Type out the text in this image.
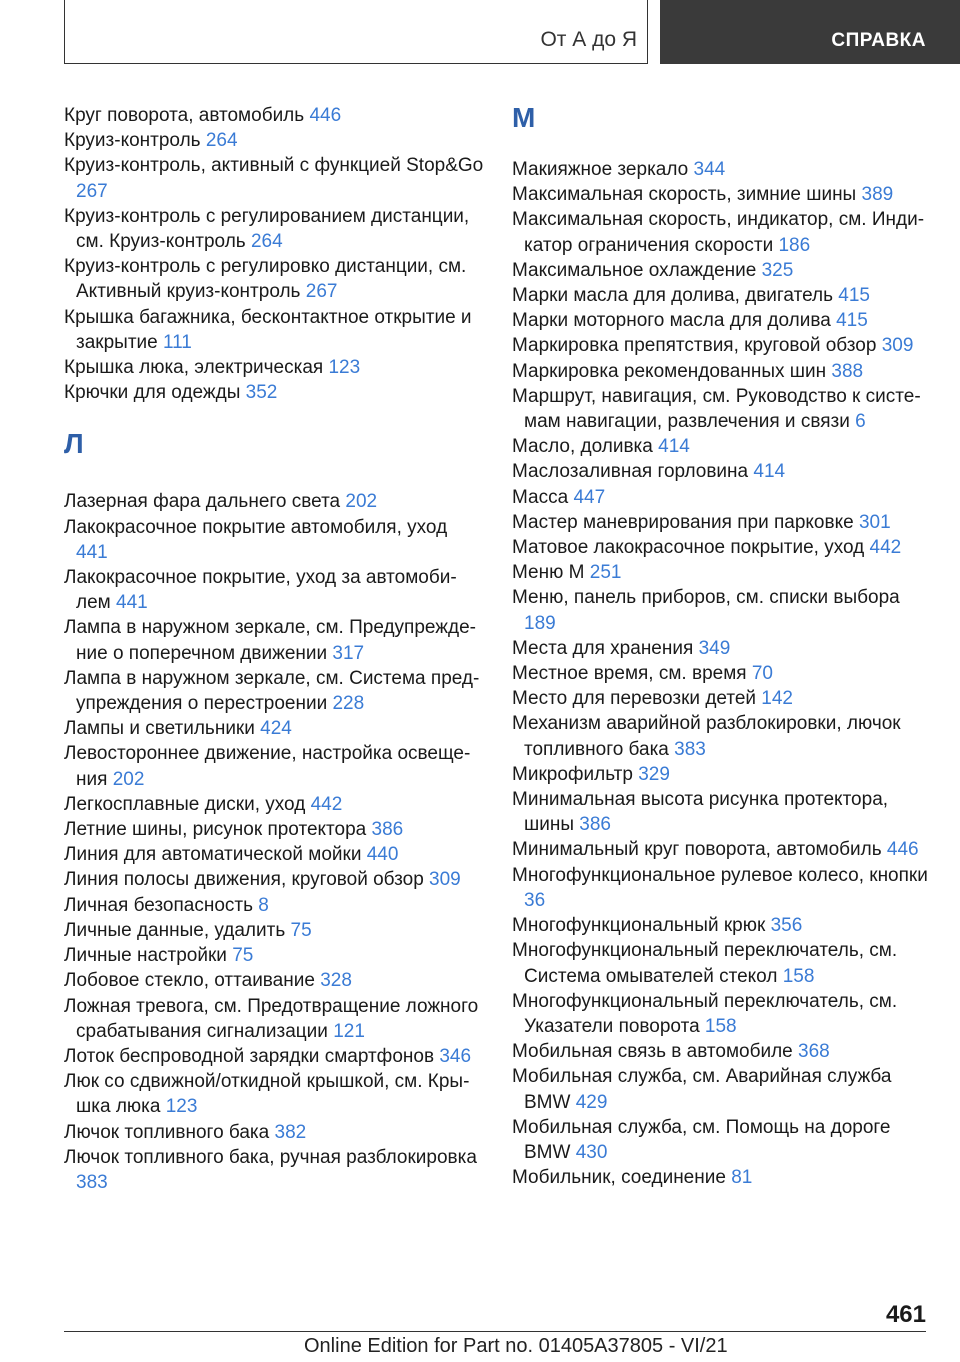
От А до Я	СПРАВКА
Круг поворота, автомобиль 446
Круиз-контроль 264
Круиз-контроль, активный с функцией Stop&Go 267
Круиз-контроль с регулированием дистанции, см. Круиз-контроль 264
Круиз-контроль с регулировко дистанции, см. Активный круиз-контроль 267
Крышка багажника, бесконтактное открытие и закрытие 111
Крышка люка, электрическая 123
Крючки для одежды 352
Л
Лазерная фара дальнего света 202
Лакокрасочное покрытие автомобиля, уход 441
Лакокрасочное покрытие, уход за автомобилем 441
Лампа в наружном зеркале, см. Предупреждение о поперечном движении 317
Лампа в наружном зеркале, см. Система предупреждения о перестроении 228
Лампы и светильники 424
Левостороннее движение, настройка освещения 202
Легкосплавные диски, уход 442
Летние шины, рисунок протектора 386
Линия для автоматической мойки 440
Линия полосы движения, круговой обзор 309
Личная безопасность 8
Личные данные, удалить 75
Личные настройки 75
Лобовое стекло, оттаивание 328
Ложная тревога, см. Предотвращение ложного срабатывания сигнализации 121
Лоток беспроводной зарядки смартфонов 346
Люк со сдвижной/откидной крышкой, см. Крышка люка 123
Лючок топливного бака 382
Лючок топливного бака, ручная разблокировка 383
М
Макияжное зеркало 344
Максимальная скорость, зимние шины 389
Максимальная скорость, индикатор, см. Индикатор ограничения скорости 186
Максимальное охлаждение 325
Марки масла для долива, двигатель 415
Марки моторного масла для долива 415
Маркировка препятствия, круговой обзор 309
Маркировка рекомендованных шин 388
Маршрут, навигация, см. Руководство к системам навигации, развлечения и связи 6
Масло, доливка 414
Маслозаливная горловина 414
Масса 447
Мастер маневрирования при парковке 301
Матовое лакокрасочное покрытие, уход 442
Меню M 251
Меню, панель приборов, см. списки выбора 189
Места для хранения 349
Местное время, см. время 70
Место для перевозки детей 142
Механизм аварийной разблокировки, лючок топливного бака 383
Микрофильтр 329
Минимальная высота рисунка протектора, шины 386
Минимальный круг поворота, автомобиль 446
Многофункциональное рулевое колесо, кнопки 36
Многофункциональный крюк 356
Многофункциональный переключатель, см. Система омывателей стекол 158
Многофункциональный переключатель, см. Указатели поворота 158
Мобильная связь в автомобиле 368
Мобильная служба, см. Аварийная служба BMW 429
Мобильная служба, см. Помощь на дороге BMW 430
Мобильник, соединение 81
461
Online Edition for Part no. 01405A37805 - VI/21
